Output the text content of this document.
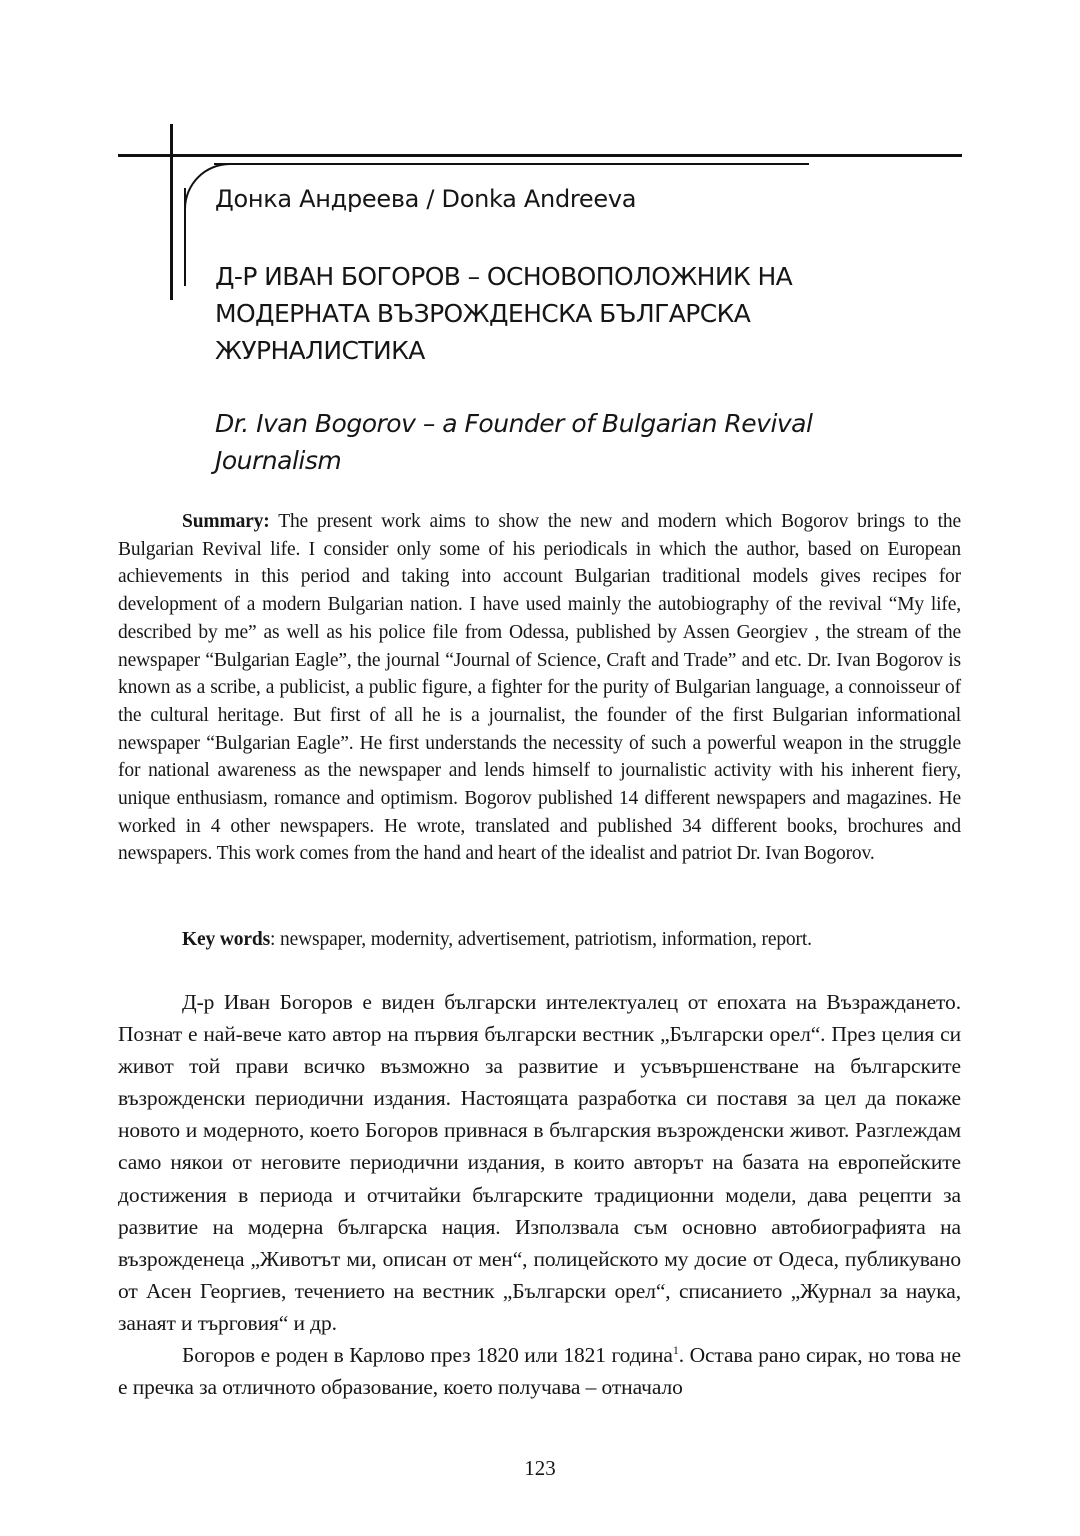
Донка Андреева / Donka Andreeva
Д-Р ИВАН БОГОРОВ – ОСНОВОПОЛОЖНИК НА МОДЕРНАТА ВЪЗРОЖДЕНСКА БЪЛГАРСКА ЖУРНАЛИСТИКА
Dr. Ivan Bogorov – a Founder of Bulgarian Revival Journalism

Summary: The present work aims to show the new and modern which Bogorov brings to the Bulgarian Revival life. I consider only some of his periodicals in which the author, based on European achievements in this period and taking into account Bulgarian traditional models gives recipes for development of a modern Bulgarian nation. I have used mainly the autobiography of the revival “My life, described by me” as well as his police file from Odessa, published by Assen Georgiev , the stream of the newspaper “Bulgarian Eagle”, the journal “Journal of Science, Craft and Trade” and etc. Dr. Ivan Bogorov is known as a scribe, a publicist, a public figure, a fighter for the purity of Bulgarian language, a connoisseur of the cultural heritage. But first of all he is a journalist, the founder of the first Bulgarian informational newspaper “Bulgarian Eagle”. He first understands the necessity of such a powerful weapon in the struggle for national awareness as the newspaper and lends himself to journalistic activity with his inherent fiery, unique enthusiasm, romance and optimism. Bogorov published 14 different newspapers and magazines. He worked in 4 other newspapers. He wrote, translated and published 34 different books, brochures and newspapers. This work comes from the hand and heart of the idealist and patriot Dr. Ivan Bogorov.

Key words: newspaper, modernity, advertisement, patriotism, information, report.

Д-р Иван Богоров е виден български интелектуалец от епохата на Възраждането. Познат е най-вече като автор на първия български вестник „Български орел“. През целия си живот той прави всичко възможно за развитие и усъвършенстване на българските възрожденски периодични издания. Настоящата разработка си поставя за цел да покаже новото и модерното, което Богоров привнася в българския възрожденски живот. Разглеждам само някои от неговите периодични издания, в които авторът на базата на европейските достижения в периода и отчитайки българските традиционни модели, дава рецепти за развитие на модерна българска нация. Използвала съм основно автобиографията на възрожденеца „Животът ми, описан от мен“, полицейското му досие от Одеса, публикувано от Асен Георгиев, течението на вестник „Български орел“, списанието „Журнал за наука, занаят и търговия“ и др.

Богоров е роден в Карлово през 1820 или 1821 година$^1$. Остава рано сирак, но това не е пречка за отличното образование, което получава – отначало

123
